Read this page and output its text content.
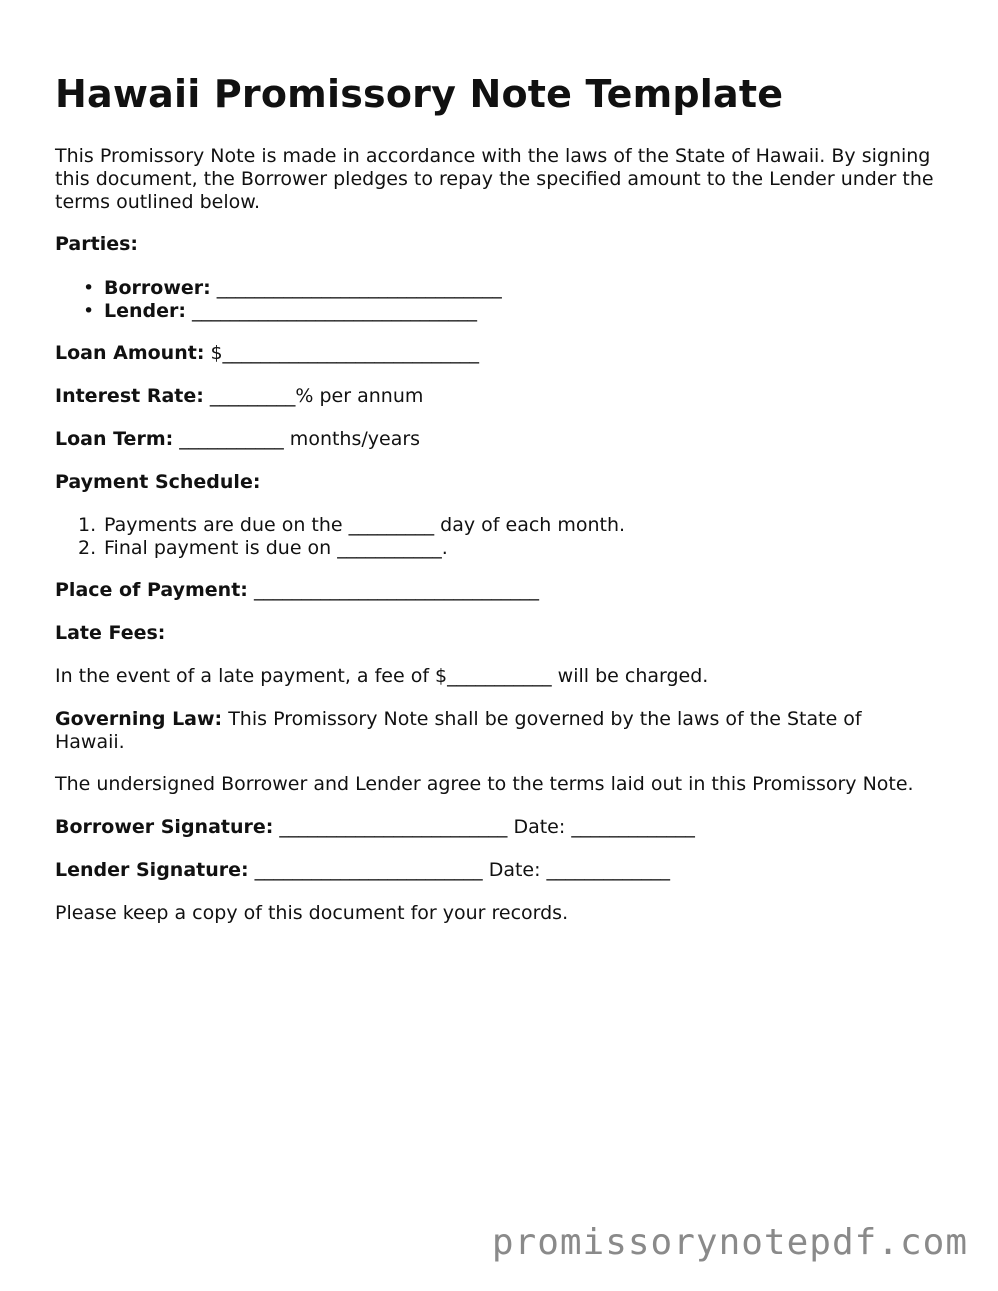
Hawaii Promissory Note Template
This Promissory Note is made in accordance with the laws of the State of Hawaii. By signing this document, the Borrower pledges to repay the specified amount to the Lender under the terms outlined below.
Parties:
• Borrower: ______________________________
• Lender: ______________________________
Loan Amount: $___________________________
Interest Rate: _________% per annum
Loan Term: ___________ months/years
Payment Schedule:
1. Payments are due on the _________ day of each month.
2. Final payment is due on ___________.
Place of Payment: ______________________________
Late Fees:
In the event of a late payment, a fee of $___________ will be charged.
Governing Law: This Promissory Note shall be governed by the laws of the State of Hawaii.
The undersigned Borrower and Lender agree to the terms laid out in this Promissory Note.
Borrower Signature: ________________________ Date: _____________
Lender Signature: ________________________ Date: _____________
Please keep a copy of this document for your records.
promissorynotepdf.com
